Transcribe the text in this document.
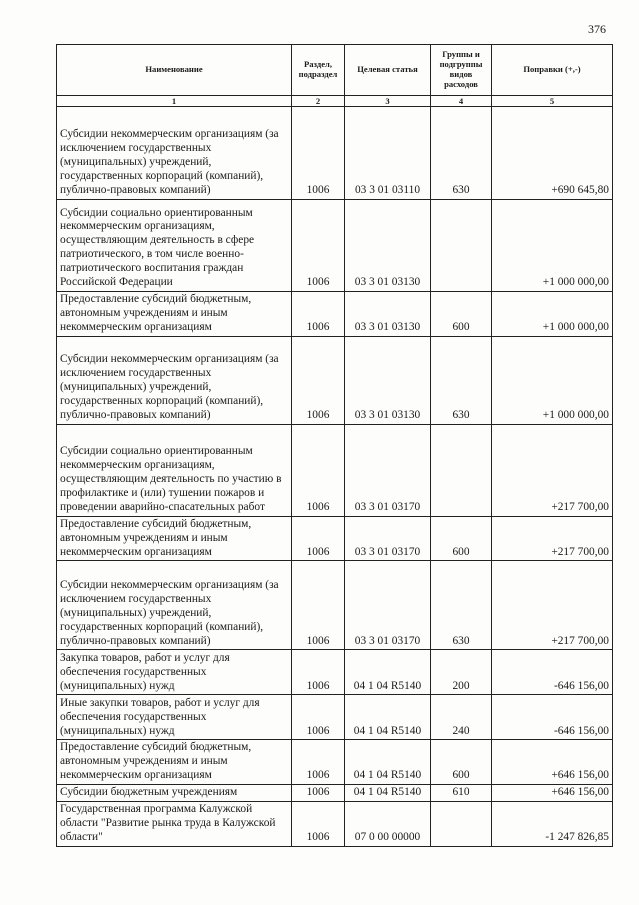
376
Наименование	Раздел, подраздел	Целевая статья	Группы и подгруппы видов расходов	Поправки (+,-)
1	2	3	4	5
Субсидии некоммерческим организациям (за исключением государственных (муниципальных) учреждений, государственных корпораций (компаний), публично-правовых компаний)	1006	03 3 01 03110	630	+690 645,80
Субсидии социально ориентированным некоммерческим организациям, осуществляющим деятельность в сфере патриотического, в том числе военно-патриотического воспитания граждан Российской Федерации	1006	03 3 01 03130		+1 000 000,00
Предоставление субсидий бюджетным, автономным учреждениям и иным некоммерческим организациям	1006	03 3 01 03130	600	+1 000 000,00
Субсидии некоммерческим организациям (за исключением государственных (муниципальных) учреждений, государственных корпораций (компаний), публично-правовых компаний)	1006	03 3 01 03130	630	+1 000 000,00
Субсидии социально ориентированным некоммерческим организациям, осуществляющим деятельность по участию в профилактике и (или) тушении пожаров и проведении аварийно-спасательных работ	1006	03 3 01 03170		+217 700,00
Предоставление субсидий бюджетным, автономным учреждениям и иным некоммерческим организациям	1006	03 3 01 03170	600	+217 700,00
Субсидии некоммерческим организациям (за исключением государственных (муниципальных) учреждений, государственных корпораций (компаний), публично-правовых компаний)	1006	03 3 01 03170	630	+217 700,00
Закупка товаров, работ и услуг для обеспечения государственных (муниципальных) нужд	1006	04 1 04 R5140	200	-646 156,00
Иные закупки товаров, работ и услуг для обеспечения государственных (муниципальных) нужд	1006	04 1 04 R5140	240	-646 156,00
Предоставление субсидий бюджетным, автономным учреждениям и иным некоммерческим организациям	1006	04 1 04 R5140	600	+646 156,00
Субсидии бюджетным учреждениям	1006	04 1 04 R5140	610	+646 156,00
Государственная программа Калужской области "Развитие рынка труда в Калужской области"	1006	07 0 00 00000		-1 247 826,85
